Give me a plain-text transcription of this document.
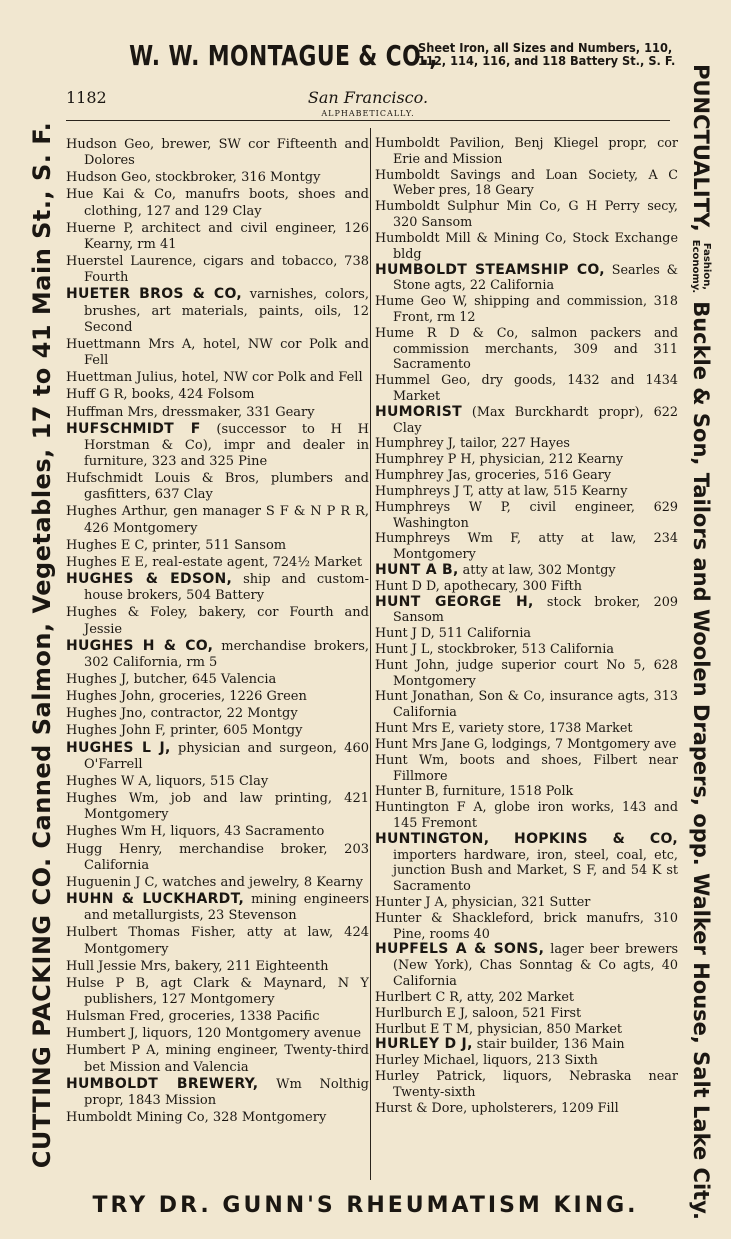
W. W. MONTAGUE & CO.,
Sheet Iron, all Sizes and Numbers, 110,
112, 114, 116, and 118 Battery St., S. F.
CUTTING PACKING CO. Canned Salmon, Vegetables, 17 to 41 Main St., S. F.	PUNCTUALITY,
Fashion,
Economy.
Buckle & Son, Tailors and Woolen Drapers, opp. Walker House, Salt Lake City.
1182	San Francisco.
ALPHABETICALLY.

Hudson Geo, brewer, SW cor Fifteenth and Dolores

Hudson Geo, stockbroker, 316 Montgy

Hue Kai & Co, manufrs boots, shoes and clothing, 127 and 129 Clay

Huerne P, architect and civil engineer, 126 Kearny, rm 41

Huerstel Laurence, cigars and tobacco, 738 Fourth

HUETER BROS & CO, varnishes, colors, brushes, art materials, paints, oils, 12 Second

Huettmann Mrs A, hotel, NW cor Polk and Fell

Huettman Julius, hotel, NW cor Polk and Fell

Huff G R, books, 424 Folsom

Huffman Mrs, dressmaker, 331 Geary

HUFSCHMIDT F (successor to H H Horstman & Co), impr and dealer in furniture, 323 and 325 Pine

Hufschmidt Louis & Bros, plumbers and gasfitters, 637 Clay

Hughes Arthur, gen manager S F & N P R R, 426 Montgomery

Hughes E C, printer, 511 Sansom

Hughes E E, real-estate agent, 724½ Market

HUGHES & EDSON, ship and custom-house brokers, 504 Battery

Hughes & Foley, bakery, cor Fourth and Jessie

HUGHES H & CO, merchandise brokers, 302 California, rm 5

Hughes J, butcher, 645 Valencia

Hughes John, groceries, 1226 Green

Hughes Jno, contractor, 22 Montgy

Hughes John F, printer, 605 Montgy

HUGHES L J, physician and surgeon, 460 O'Farrell

Hughes W A, liquors, 515 Clay

Hughes Wm, job and law printing, 421 Montgomery

Hughes Wm H, liquors, 43 Sacramento

Hugg Henry, merchandise broker, 203 California

Huguenin J C, watches and jewelry, 8 Kearny

HUHN & LUCKHARDT, mining engineers and metallurgists, 23 Stevenson

Hulbert Thomas Fisher, atty at law, 424 Montgomery

Hull Jessie Mrs, bakery, 211 Eighteenth

Hulse P B, agt Clark & Maynard, N Y publishers, 127 Montgomery

Hulsman Fred, groceries, 1338 Pacific

Humbert J, liquors, 120 Montgomery avenue

Humbert P A, mining engineer, Twenty-third bet Mission and Valencia

HUMBOLDT BREWERY, Wm Nolthig propr, 1843 Mission

Humboldt Mining Co, 328 Montgomery

Humboldt Pavilion, Benj Kliegel propr, cor Erie and Mission

Humboldt Savings and Loan Society, A C Weber pres, 18 Geary

Humboldt Sulphur Min Co, G H Perry secy, 320 Sansom

Humboldt Mill & Mining Co, Stock Exchange bldg

HUMBOLDT STEAMSHIP CO, Searles & Stone agts, 22 California

Hume Geo W, shipping and commission, 318 Front, rm 12

Hume R D & Co, salmon packers and commission merchants, 309 and 311 Sacramento

Hummel Geo, dry goods, 1432 and 1434 Market

HUMORIST (Max Burckhardt propr), 622 Clay

Humphrey J, tailor, 227 Hayes

Humphrey P H, physician, 212 Kearny

Humphrey Jas, groceries, 516 Geary

Humphreys J T, atty at law, 515 Kearny

Humphreys W P, civil engineer, 629 Washington

Humphreys Wm F, atty at law, 234 Montgomery

HUNT A B, atty at law, 302 Montgy

Hunt D D, apothecary, 300 Fifth

HUNT GEORGE H, stock broker, 209 Sansom

Hunt J D, 511 California

Hunt J L, stockbroker, 513 California

Hunt John, judge superior court No 5, 628 Montgomery

Hunt Jonathan, Son & Co, insurance agts, 313 California

Hunt Mrs E, variety store, 1738 Market

Hunt Mrs Jane G, lodgings, 7 Montgomery ave

Hunt Wm, boots and shoes, Filbert near Fillmore

Hunter B, furniture, 1518 Polk

Huntington F A, globe iron works, 143 and 145 Fremont

HUNTINGTON, HOPKINS & CO, importers hardware, iron, steel, coal, etc, junction Bush and Market, S F, and 54 K st Sacramento

Hunter J A, physician, 321 Sutter

Hunter & Shackleford, brick manufrs, 310 Pine, rooms 40

HUPFELS A & SONS, lager beer brewers (New York), Chas Sonntag & Co agts, 40 California

Hurlbert C R, atty, 202 Market

Hurlburch E J, saloon, 521 First

Hurlbut E T M, physician, 850 Market

HURLEY D J, stair builder, 136 Main

Hurley Michael, liquors, 213 Sixth

Hurley Patrick, liquors, Nebraska near Twenty-sixth

Hurst & Dore, upholsterers, 1209 Fill

TRY DR. GUNN'S RHEUMATISM KING.
